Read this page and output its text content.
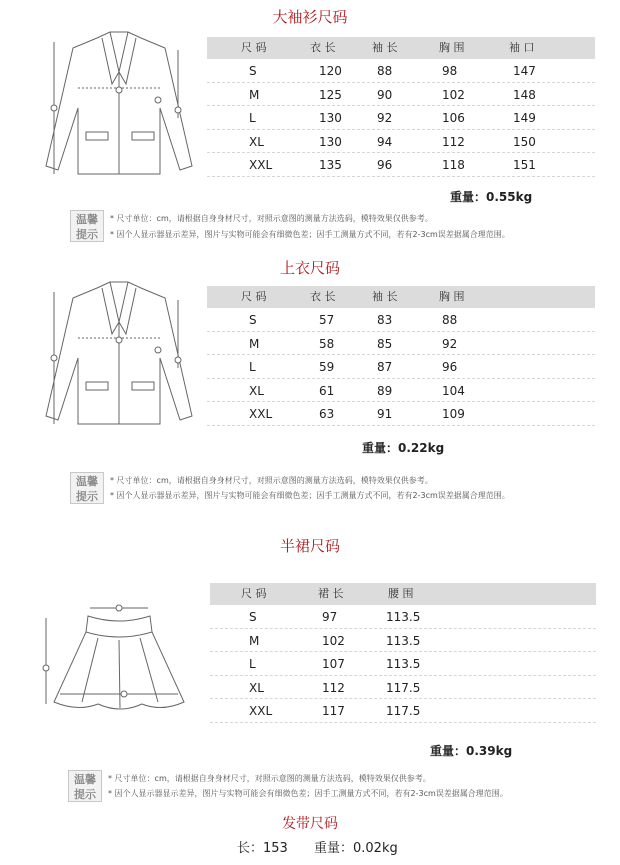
大袖衫尺码
尺 码	衣 长	袖 长	胸 围	袖 口
S	120	88	98	147
M	125	90	102	148
L	130	92	106	149
XL	130	94	112	150
XXL	135	96	118	151
重量：0.55kg
温馨
提示
* 尺寸单位：cm，请根据自身身材尺寸，对照示意图的测量方法选码，模特效果仅供参考。
* 因个人显示器显示差异，图片与实物可能会有细微色差；因手工测量方式不同，若有2-3cm误差据属合理范围。
上衣尺码
尺 码	衣 长	袖 长	胸 围
S	57	83	88
M	58	85	92
L	59	87	96
XL	61	89	104
XXL	63	91	109
重量：0.22kg
温馨
提示
* 尺寸单位：cm，请根据自身身材尺寸，对照示意图的测量方法选码，模特效果仅供参考。
* 因个人显示器显示差异，图片与实物可能会有细微色差；因手工测量方式不同，若有2-3cm误差据属合理范围。
半裙尺码
尺 码	裙 长	腰 围
S	97	113.5
M	102	113.5
L	107	113.5
XL	112	117.5
XXL	117	117.5
重量：0.39kg
温馨
提示
* 尺寸单位：cm，请根据自身身材尺寸，对照示意图的测量方法选码，模特效果仅供参考。
* 因个人显示器显示差异，图片与实物可能会有细微色差；因手工测量方式不同，若有2-3cm误差据属合理范围。
发带尺码
长：153 重量：0.02kg
